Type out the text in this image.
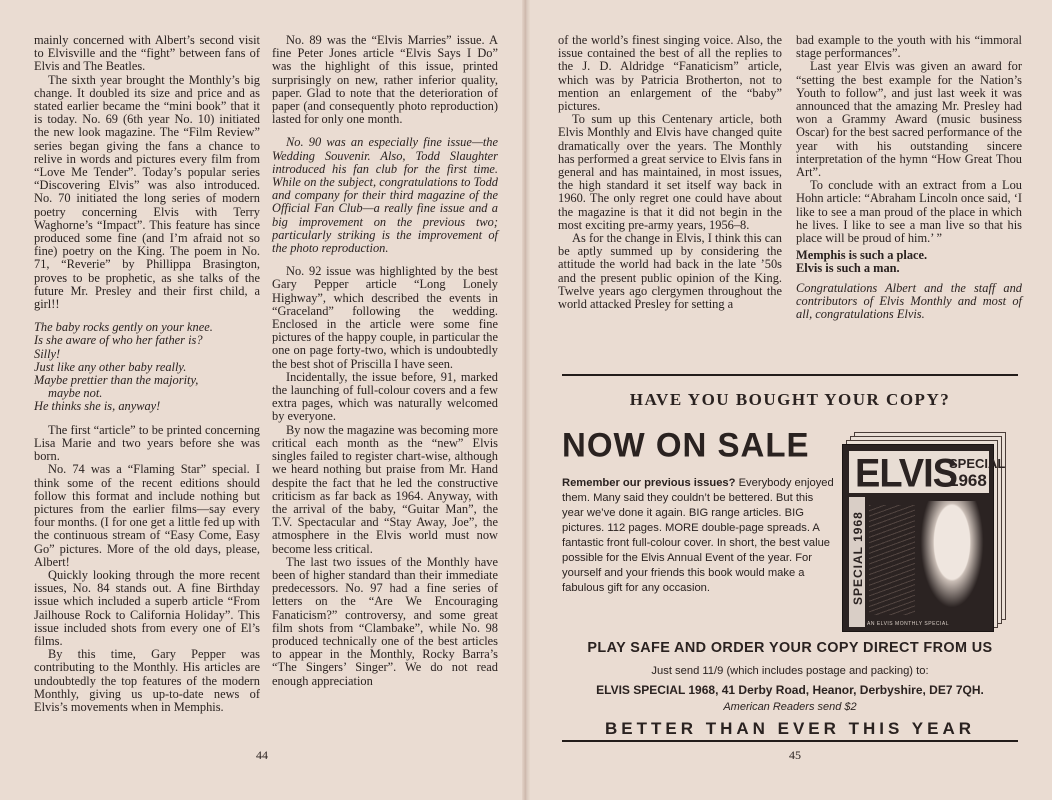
mainly concerned with Albert’s second visit to Elvisville and the “fight” between fans of Elvis and The Beatles.

The sixth year brought the Monthly’s big change. It doubled its size and price and as stated earlier became the “mini book” that it is today. No. 69 (6th year No. 10) initiated the new look magazine. The “Film Review” series began giving the fans a chance to relive in words and pictures every film from “Love Me Tender”. Today’s popular series “Discovering Elvis” was also introduced. No. 70 initiated the long series of modern poetry concerning Elvis with Terry Waghorne’s “Impact”. This feature has since produced some fine (and I’m afraid not so fine) poetry on the King. The poem in No. 71, “Reverie” by Phillippa Brasington, proves to be prophetic, as she talks of the future Mr. Presley and their first child, a girl!!

The baby rocks gently on your knee.
Is she aware of who her father is?
Silly!
Just like any other baby really.
Maybe prettier than the majority,
maybe not.
He thinks she is, anyway!

The first “article” to be printed concerning Lisa Marie and two years before she was born.

No. 74 was a “Flaming Star” special. I think some of the recent editions should follow this format and include nothing but pictures from the earlier films—say every four months. (I for one get a little fed up with the continuous stream of “Easy Come, Easy Go” pictures. More of the old days, please, Albert!

Quickly looking through the more recent issues, No. 84 stands out. A fine Birthday issue which included a superb article “From Jailhouse Rock to California Holiday”. This issue included shots from every one of El’s films.

By this time, Gary Pepper was contributing to the Monthly. His articles are undoubtedly the top features of the modern Monthly, giving us up-to-date news of Elvis’s movements when in Memphis.

No. 89 was the “Elvis Marries” issue. A fine Peter Jones article “Elvis Says I Do” was the highlight of this issue, printed surprisingly on new, rather inferior quality, paper. Glad to note that the deterioration of paper (and consequently photo reproduction) lasted for only one month.

No. 90 was an especially fine issue—the Wedding Souvenir. Also, Todd Slaughter introduced his fan club for the first time. While on the subject, congratulations to Todd and company for their third magazine of the Official Fan Club—a really fine issue and a big improvement on the previous two; particularly striking is the improvement of the photo reproduction.

No. 92 issue was highlighted by the best Gary Pepper article “Long Lonely Highway”, which described the events in “Graceland” following the wedding. Enclosed in the article were some fine pictures of the happy couple, in particular the one on page forty-two, which is undoubtedly the best shot of Priscilla I have seen.

Incidentally, the issue before, 91, marked the launching of full-colour covers and a few extra pages, which was naturally welcomed by everyone.

By now the magazine was becoming more critical each month as the “new” Elvis singles failed to register chart-wise, although we heard nothing but praise from Mr. Hand despite the fact that he led the constructive criticism as far back as 1964. Anyway, with the arrival of the baby, “Guitar Man”, the T.V. Spectacular and “Stay Away, Joe”, the atmosphere in the Elvis world must now become less critical.

The last two issues of the Monthly have been of higher standard than their immediate predecessors. No. 97 had a fine series of letters on the “Are We Encouraging Fanaticism?” controversy, and some great film shots from “Clambake”, while No. 98 produced technically one of the best articles to appear in the Monthly, Rocky Barra’s “The Singers’ Singer”. We do not read enough appreciation

44

of the world’s finest singing voice. Also, the issue contained the best of all the replies to the J. D. Aldridge “Fanaticism” article, which was by Patricia Brotherton, not to mention an enlargement of the “baby” pictures.

To sum up this Centenary article, both Elvis Monthly and Elvis have changed quite dramatically over the years. The Monthly has performed a great service to Elvis fans in general and has maintained, in most issues, the high standard it set itself way back in 1960. The only regret one could have about the magazine is that it did not begin in the most exciting pre-army years, 1956–8.

As for the change in Elvis, I think this can be aptly summed up by considering the attitude the world had back in the late ’50s and the present public opinion of the King. Twelve years ago clergymen throughout the world attacked Presley for setting a

bad example to the youth with his “immoral stage performances”.

Last year Elvis was given an award for “setting the best example for the Nation’s Youth to follow”, and just last week it was announced that the amazing Mr. Presley had won a Grammy Award (music business Oscar) for the best sacred performance of the year with his outstanding sincere interpretation of the hymn “How Great Thou Art”.

To conclude with an extract from a Lou Hohn article: “Abraham Lincoln once said, ‘I like to see a man proud of the place in which he lives. I like to see a man live so that his place will be proud of him.’ ”

Memphis is such a place.

Elvis is such a man.

Congratulations Albert and the staff and contributors of Elvis Monthly and most of all, congratulations Elvis.

45
HAVE YOU BOUGHT YOUR COPY?
NOW ON SALE
Remember our previous issues? Everybody enjoyed them. Many said they couldn’t be bettered. But this year we’ve done it again. BIG range articles. BIG pictures. 112 pages. MORE double-page spreads. A fantastic front full-colour cover. In short, the best value possible for the Elvis Annual Event of the year. For yourself and your friends this book would make a fabulous gift for any occasion.
ELVIS
SPECIAL
1968
SPECIAL 1968
AN ELVIS MONTHLY SPECIAL
PLAY SAFE AND ORDER YOUR COPY DIRECT FROM US
Just send 11/9 (which includes postage and packing) to:
ELVIS SPECIAL 1968, 41 Derby Road, Heanor, Derbyshire, DE7 7QH.
American Readers send $2
BETTER THAN EVER THIS YEAR
